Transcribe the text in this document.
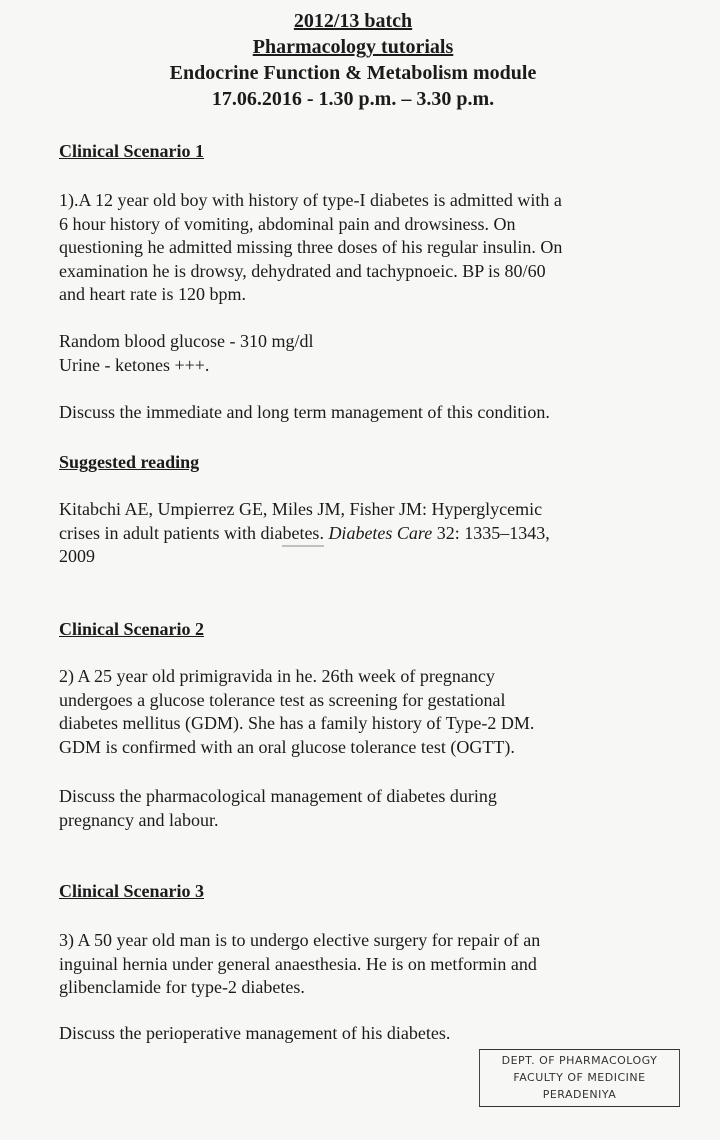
2012/13 batch
Pharmacology tutorials
Endocrine Function & Metabolism module
17.06.2016 - 1.30 p.m. – 3.30 p.m.
Clinical Scenario 1
1).A 12 year old boy with history of type-I diabetes is admitted with a
6 hour history of vomiting, abdominal pain and drowsiness. On
questioning he admitted missing three doses of his regular insulin. On
examination he is drowsy, dehydrated and tachypnoeic. BP is 80/60
and heart rate is 120 bpm.
Random blood glucose - 310 mg/dl
Urine - ketones +++.
Discuss the immediate and long term management of this condition.
Suggested reading
Kitabchi AE, Umpierrez GE, Miles JM, Fisher JM: Hyperglycemic
crises in adult patients with diabetes. Diabetes Care 32: 1335–1343,
2009
Clinical Scenario 2
2) A 25 year old primigravida in he. 26th week of pregnancy
undergoes a glucose tolerance test as screening for gestational
diabetes mellitus (GDM). She has a family history of Type-2 DM.
GDM is confirmed with an oral glucose tolerance test (OGTT).
Discuss the pharmacological management of diabetes during
pregnancy and labour.
Clinical Scenario 3
3) A 50 year old man is to undergo elective surgery for repair of an
inguinal hernia under general anaesthesia. He is on metformin and
glibenclamide for type-2 diabetes.
Discuss the perioperative management of his diabetes.
DEPT. OF PHARMACOLOGY
FACULTY OF MEDICINE
PERADENIYA
